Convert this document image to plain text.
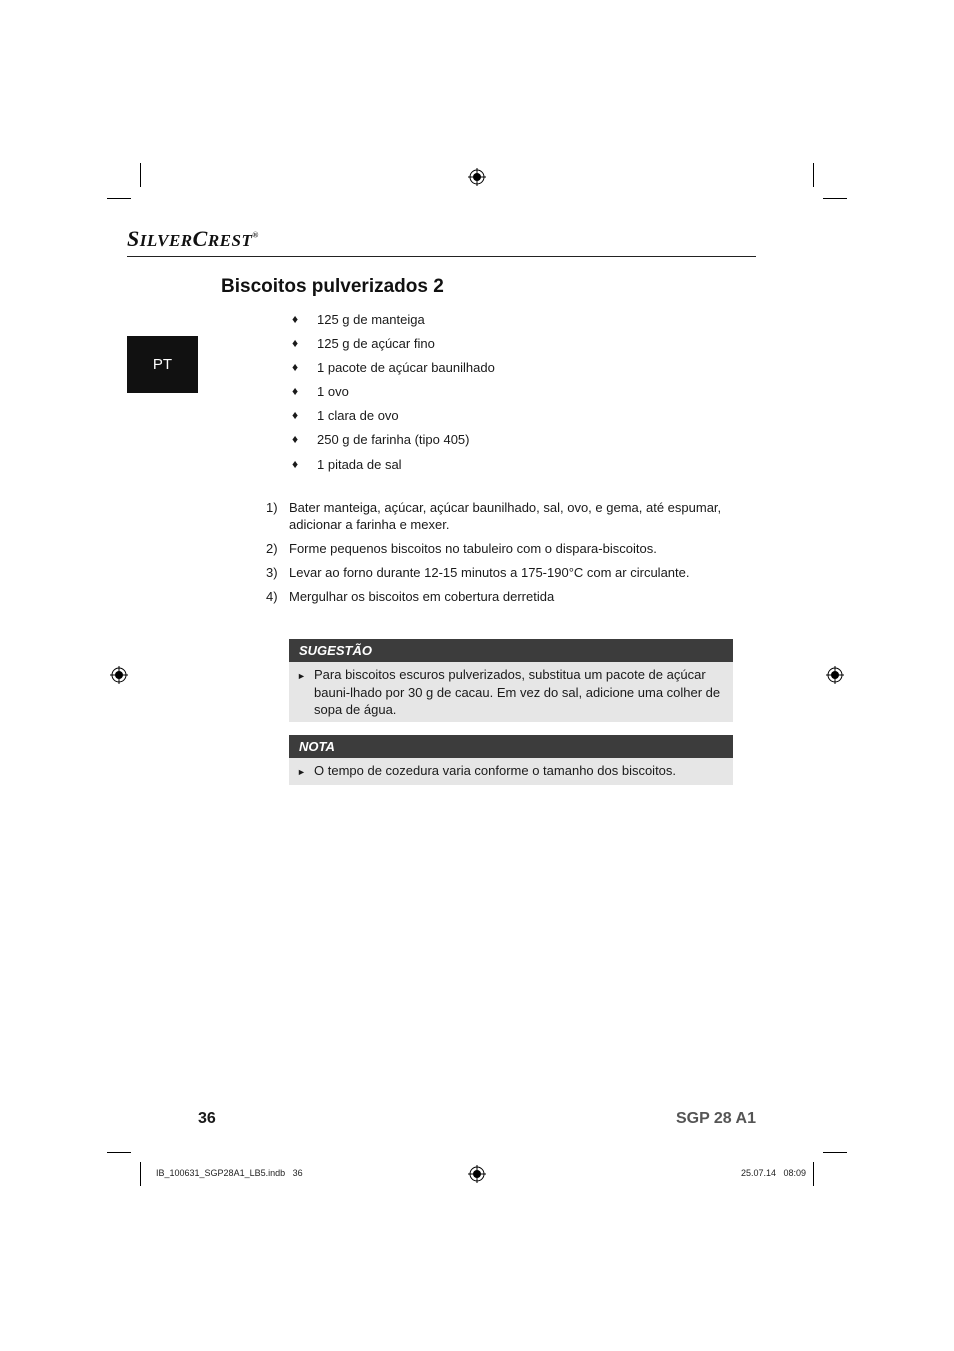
SILVERCREST®
PT
Biscoitos pulverizados 2
♦	125 g de manteiga
♦	125 g de açúcar fino
♦	1 pacote de açúcar baunilhado
♦	1 ovo
♦	1 clara de ovo
♦	250 g de farinha (tipo 405)
♦	1 pitada de sal
1) Bater manteiga, açúcar, açúcar baunilhado, sal, ovo, e gema, até espumar, adicionar a farinha e mexer.
2) Forme pequenos biscoitos no tabuleiro com o dispara-biscoitos.
3) Levar ao forno durante 12-15 minutos a 175-190°C com ar circulante.
4) Mergulhar os biscoitos em cobertura derretida
SUGESTÃO
► Para biscoitos escuros pulverizados, substitua um pacote de açúcar bauni-lhado por 30 g de cacau. Em vez do sal, adicione uma colher de sopa de água.
NOTA
► O tempo de cozedura varia conforme o tamanho dos biscoitos.
36	SGP 28 A1
IB_100631_SGP28A1_LB5.indb   36	25.07.14   08:09
